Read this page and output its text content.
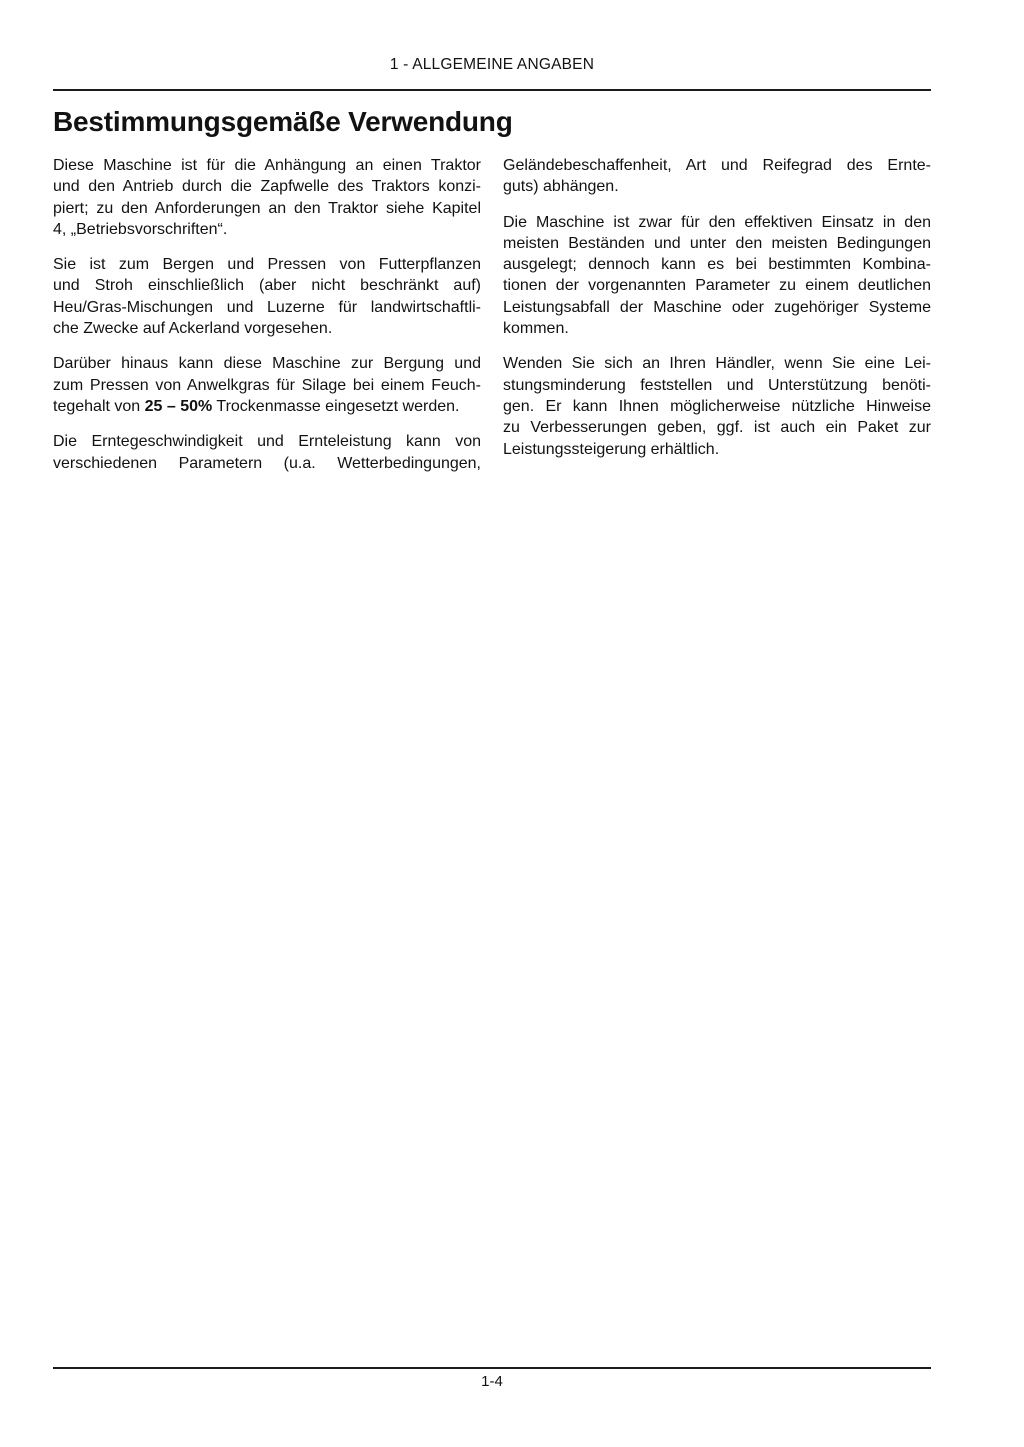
1 - ALLGEMEINE ANGABEN
Bestimmungsgemäße Verwendung

Diese Maschine ist für die Anhängung an einen Traktor
und den Antrieb durch die Zapfwelle des Traktors konzi-
piert; zu den Anforderungen an den Traktor siehe Kapitel
4, „Betriebsvorschriften“.

Sie ist zum Bergen und Pressen von Futterpflanzen
und Stroh einschließlich (aber nicht beschränkt auf)
Heu/Gras-Mischungen und Luzerne für landwirtschaftli-
che Zwecke auf Ackerland vorgesehen.

Darüber hinaus kann diese Maschine zur Bergung und
zum Pressen von Anwelkgras für Silage bei einem Feuch-
tegehalt von 25 – 50% Trockenmasse eingesetzt werden.

Die Erntegeschwindigkeit und Ernteleistung kann von
verschiedenen Parametern (u.a. Wetterbedingungen,

Geländebeschaffenheit, Art und Reifegrad des Ernte-
guts) abhängen.

Die Maschine ist zwar für den effektiven Einsatz in den
meisten Beständen und unter den meisten Bedingungen
ausgelegt; dennoch kann es bei bestimmten Kombina-
tionen der vorgenannten Parameter zu einem deutlichen
Leistungsabfall der Maschine oder zugehöriger Systeme
kommen.

Wenden Sie sich an Ihren Händler, wenn Sie eine Lei-
stungsminderung feststellen und Unterstützung benöti-
gen. Er kann Ihnen möglicherweise nützliche Hinweise
zu Verbesserungen geben, ggf. ist auch ein Paket zur
Leistungssteigerung erhältlich.

1-4
